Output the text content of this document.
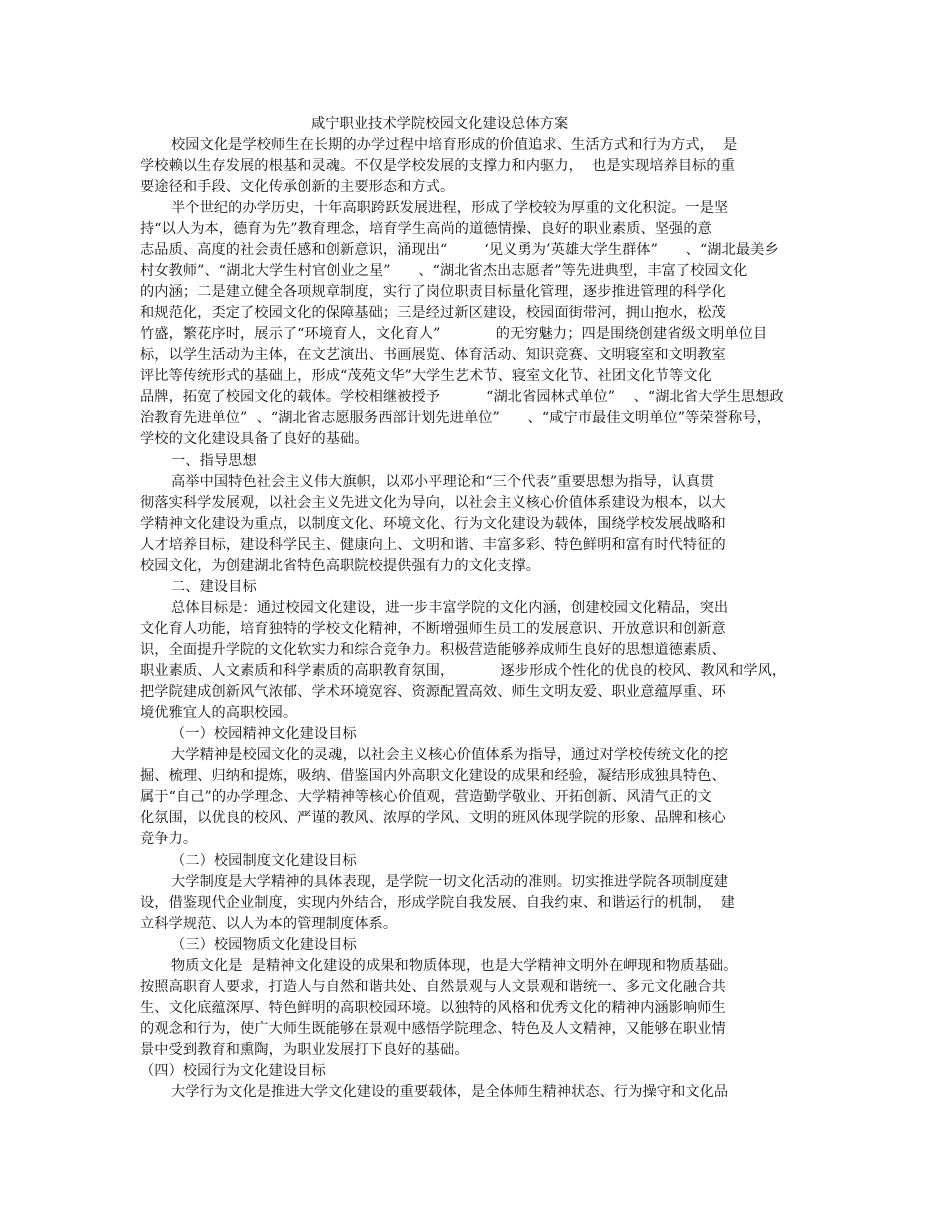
咸宁职业技术学院校园文化建设总体方案
校园文化是学校师生在长期的办学过程中培育形成的价值追求、生活方式和行为方式，  是
学校赖以生存发展的根基和灵魂。不仅是学校发展的支撑力和内驱力，  也是实现培养目标的重
要途径和手段、文化传承创新的主要形态和方式。
半个世纪的办学历史，十年高职跨跃发展进程，形成了学校较为厚重的文化积淀。一是坚
持“以人为本，德育为先”教育理念，培育学生高尚的道德情操、良好的职业素质、坚强的意
志品质、高度的社会责任感和创新意识，涌现出“        ‘见义勇为’英雄大学生群体”      、“湖北最美乡
村女教师”、“湖北大学生村官创业之星”      、“湖北省杰出志愿者”等先进典型，丰富了校园文化
的内涵；二是建立健全各项规章制度，实行了岗位职责目标量化管理，逐步推进管理的科学化
和规范化，奀定了校园文化的保障基础；三是经过新区建设，校园面街带河，拥山抱水，松茂
竹盛，繁花序时，展示了“环境育人，文化育人”            的无穷魅力；四是围绕创建省级文明单位目
标，以学生活动为主体，在文艺演出、书画展览、体育活动、知识竞赛、文明寝室和文明教室
评比等传统形式的基础上，形成“茂苑文华”大学生艺术节、寝室文化节、社团文化节等文化
品牌，拓宽了校园文化的载体。学校相继被授予          “湖北省园林式单位”    、“湖北省大学生思想政
治教育先进单位”  、“湖北省志愿服务西部计划先进单位”      、“咸宁市最佳文明单位”等荣誉称号，
学校的文化建设具备了良好的基础。
一、指导思想
高举中国特色社会主义伟大旗帜，以邓小平理论和“三个代表”重要思想为指导，认真贯
彻落实科学发展观，以社会主义先进文化为导向，以社会主义核心价值体系建设为根本，以大
学精神文化建设为重点，以制度文化、环境文化、行为文化建设为载体，围绕学校发展战略和
人才培养目标，建设科学民主、健康向上、文明和谐、丰富多彩、特色鲜明和富有时代特征的
校园文化，为创建湖北省特色高职院校提供强有力的文化支撑。
二、建设目标
总体目标是：通过校园文化建设，进一步丰富学院的文化内涵，创建校园文化精品，突出
文化育人功能，培育独特的学校文化精神，不断增强师生员工的发展意识、开放意识和创新意
识，全面提升学院的文化软实力和综合竞争力。积极营造能够养成师生良好的思想道德素质、
职业素质、人文素质和科学素质的高职教育氛围，          逐步形成个性化的优良的校风、教风和学风，
把学院建成创新风气浓郁、学术环境宽容、资源配置高效、师生文明友爱、职业意蕴厚重、环
境优雅宜人的高职校园。
（一）校园精神文化建设目标
大学精神是校园文化的灵魂，以社会主义核心价值体系为指导，通过对学校传统文化的挖
掘、梳理、归纳和提炼，吸纳、借鉴国内外高职文化建设的成果和经验，凝结形成独具特色、
属于“自己”的办学理念、大学精神等核心价值观，营造勤学敬业、开拓创新、风清气正的文
化氛围，以优良的校风、严谨的教风、浓厚的学风、文明的班风体现学院的形象、品牌和核心
竞争力。
（二）校园制度文化建设目标
大学制度是大学精神的具体表现，是学院一切文化活动的准则。切实推进学院各项制度建
设，借鉴现代企业制度，实现内外结合，形成学院自我发展、自我约束、和谐运行的机制，  建
立科学规范、以人为本的管理制度体系。
（三）校园物质文化建设目标
物质文化是  是精神文化建设的成果和物质体现，也是大学精神文明外在岬现和物质基础。
按照高职育人要求，打造人与自然和谐共处、自然景观与人文景观和谐统一、多元文化融合共
生、文化底蕴深厚、特色鲜明的高职校园环境。以独特的风格和优秀文化的精神内涵影响师生
的观念和行为，使广大师生既能够在景观中感悟学院理念、特色及人文精神，又能够在职业情
景中受到教育和熏陶，为职业发展打下良好的基础。
（四）校园行为文化建设目标
大学行为文化是推进大学文化建设的重要载体，是全体师生精神状态、行为操守和文化品
